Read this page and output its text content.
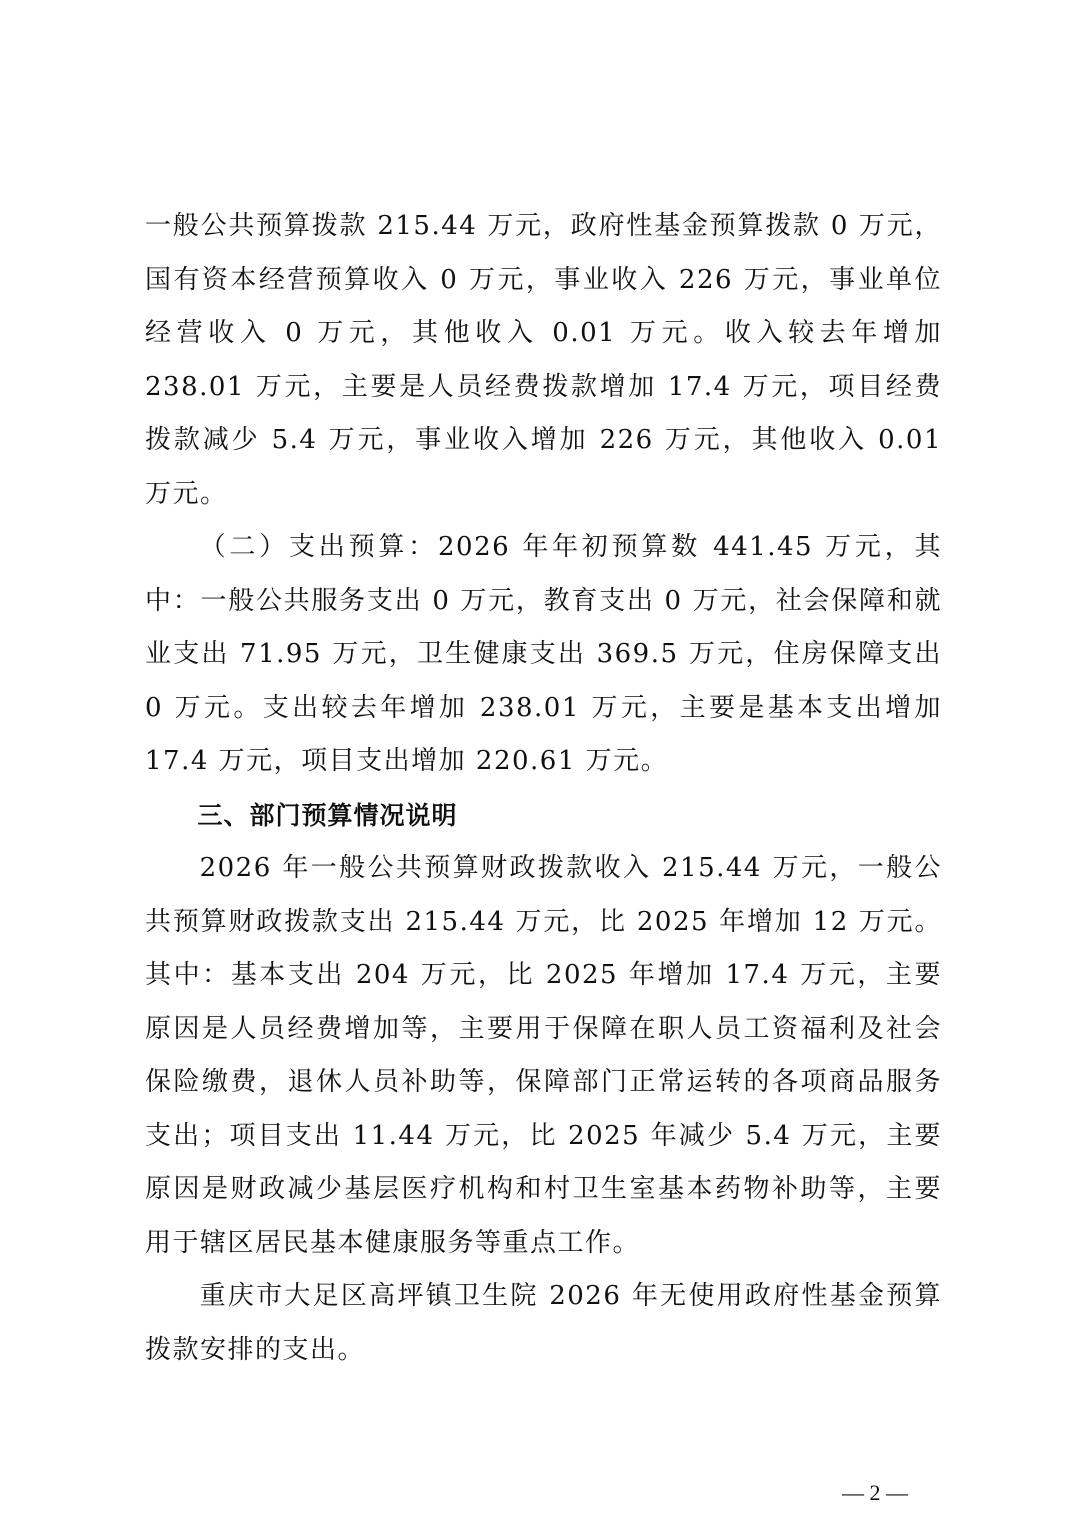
一般公共预算拨款 215.44 万元，政府性基金预算拨款 0 万元，国有资本经营预算收入 0 万元，事业收入 226 万元，事业单位经营收入 0 万元，其他收入 0.01 万元。收入较去年增加 238.01 万元，主要是人员经费拨款增加 17.4 万元，项目经费拨款减少 5.4 万元，事业收入增加 226 万元，其他收入 0.01 万元。

（二）支出预算：2026 年年初预算数 441.45 万元，其中：一般公共服务支出 0 万元，教育支出 0 万元，社会保障和就业支出 71.95 万元，卫生健康支出 369.5 万元，住房保障支出 0 万元。支出较去年增加 238.01 万元，主要是基本支出增加 17.4 万元，项目支出增加 220.61 万元。

三、部门预算情况说明

2026 年一般公共预算财政拨款收入 215.44 万元，一般公共预算财政拨款支出 215.44 万元，比 2025 年增加 12 万元。其中：基本支出 204 万元，比 2025 年增加 17.4 万元，主要原因是人员经费增加等，主要用于保障在职人员工资福利及社会保险缴费，退休人员补助等，保障部门正常运转的各项商品服务支出；项目支出 11.44 万元，比 2025 年减少 5.4 万元，主要原因是财政减少基层医疗机构和村卫生室基本药物补助等，主要用于辖区居民基本健康服务等重点工作。

重庆市大足区高坪镇卫生院 2026 年无使用政府性基金预算拨款安排的支出。

— 2 —
